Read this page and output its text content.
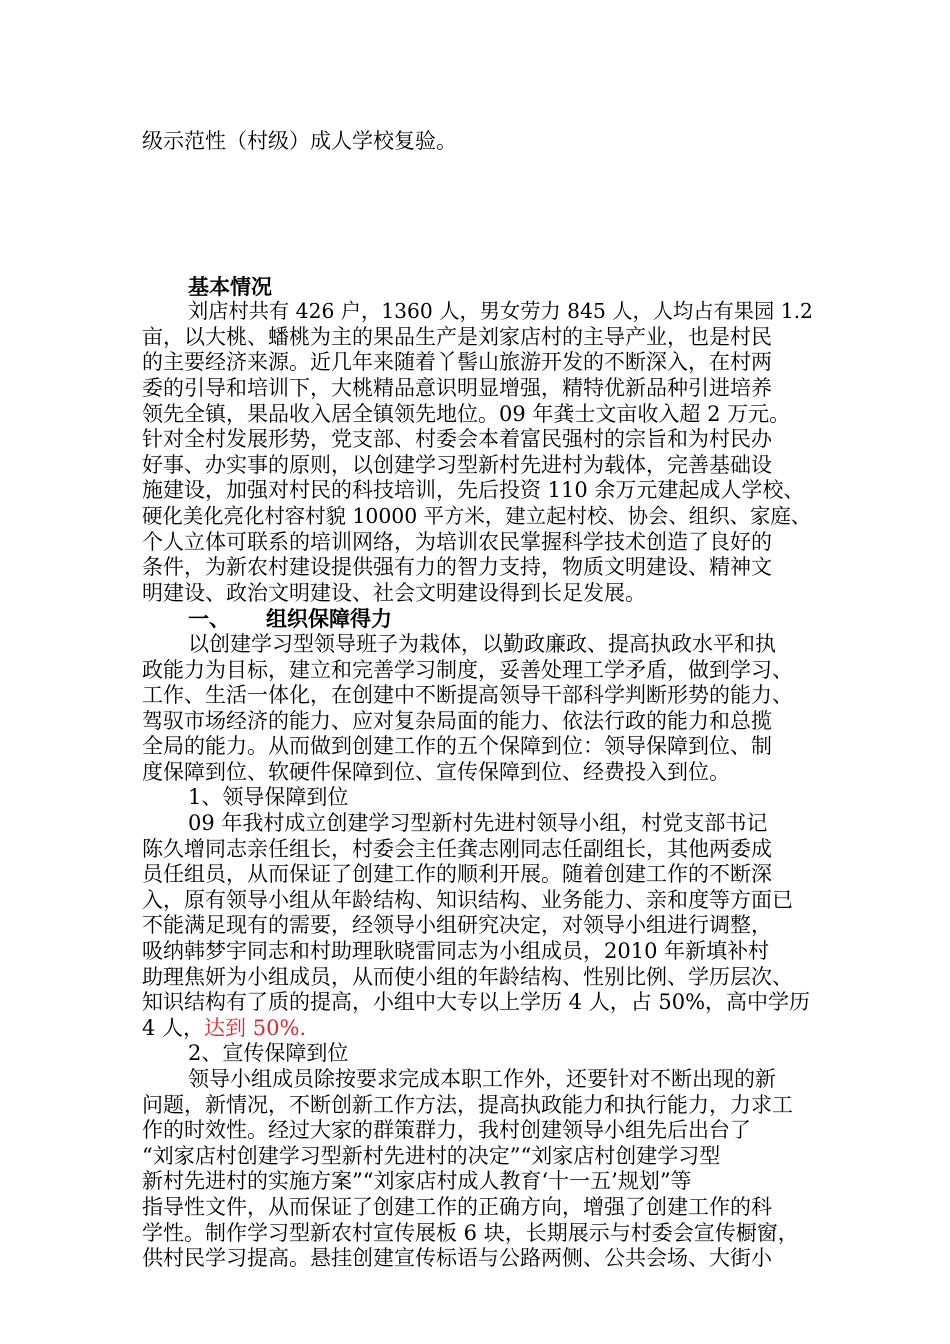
级示范性（村级）成人学校复验。
基本情况
刘店村共有 426 户，1360 人，男女劳力 845 人，人均占有果园 1.2
亩，以大桃、蟠桃为主的果品生产是刘家店村的主导产业，也是村民
的主要经济来源。近几年来随着丫髻山旅游开发的不断深入，在村两
委的引导和培训下，大桃精品意识明显增强，精特优新品种引进培养
领先全镇，果品收入居全镇领先地位。09 年龚士文亩收入超 2 万元。
针对全村发展形势，党支部、村委会本着富民强村的宗旨和为村民办
好事、办实事的原则，以创建学习型新村先进村为载体，完善基础设
施建设，加强对村民的科技培训，先后投资 110 余万元建起成人学校、
硬化美化亮化村容村貌 10000 平方米，建立起村校、协会、组织、家庭、
个人立体可联系的培训网络，为培训农民掌握科学技术创造了良好的
条件，为新农村建设提供强有力的智力支持，物质文明建设、精神文
明建设、政治文明建设、社会文明建设得到长足发展。
一、 组织保障得力
以创建学习型领导班子为栽体，以勤政廉政、提高执政水平和执
政能力为目标，建立和完善学习制度，妥善处理工学矛盾，做到学习、
工作、生活一体化，在创建中不断提高领导干部科学判断形势的能力、
驾驭市场经济的能力、应对复杂局面的能力、依法行政的能力和总揽
全局的能力。从而做到创建工作的五个保障到位：领导保障到位、制
度保障到位、软硬件保障到位、宣传保障到位、经费投入到位。
1、领导保障到位
09 年我村成立创建学习型新村先进村领导小组，村党支部书记
陈久增同志亲任组长，村委会主任龚志刚同志任副组长，其他两委成
员任组员，从而保证了创建工作的顺利开展。随着创建工作的不断深
入，原有领导小组从年龄结构、知识结构、业务能力、亲和度等方面已
不能满足现有的需要，经领导小组研究决定，对领导小组进行调整，
吸纳韩梦宇同志和村助理耿晓雷同志为小组成员，2010 年新填补村
助理焦妍为小组成员，从而使小组的年龄结构、性别比例、学历层次、
知识结构有了质的提高，小组中大专以上学历 4 人，占 50%，高中学历
4 人，达到 50%.
2、宣传保障到位
领导小组成员除按要求完成本职工作外，还要针对不断出现的新
问题，新情况，不断创新工作方法，提高执政能力和执行能力，力求工
作的时效性。经过大家的群策群力，我村创建领导小组先后出台了
“刘家店村创建学习型新村先进村的决定”“刘家店村创建学习型
新村先进村的实施方案”“刘家店村成人教育‘十一五’规划”等
指导性文件，从而保证了创建工作的正确方向，增强了创建工作的科
学性。制作学习型新农村宣传展板 6 块，长期展示与村委会宣传橱窗，
供村民学习提高。悬挂创建宣传标语与公路两侧、公共会场、大街小
